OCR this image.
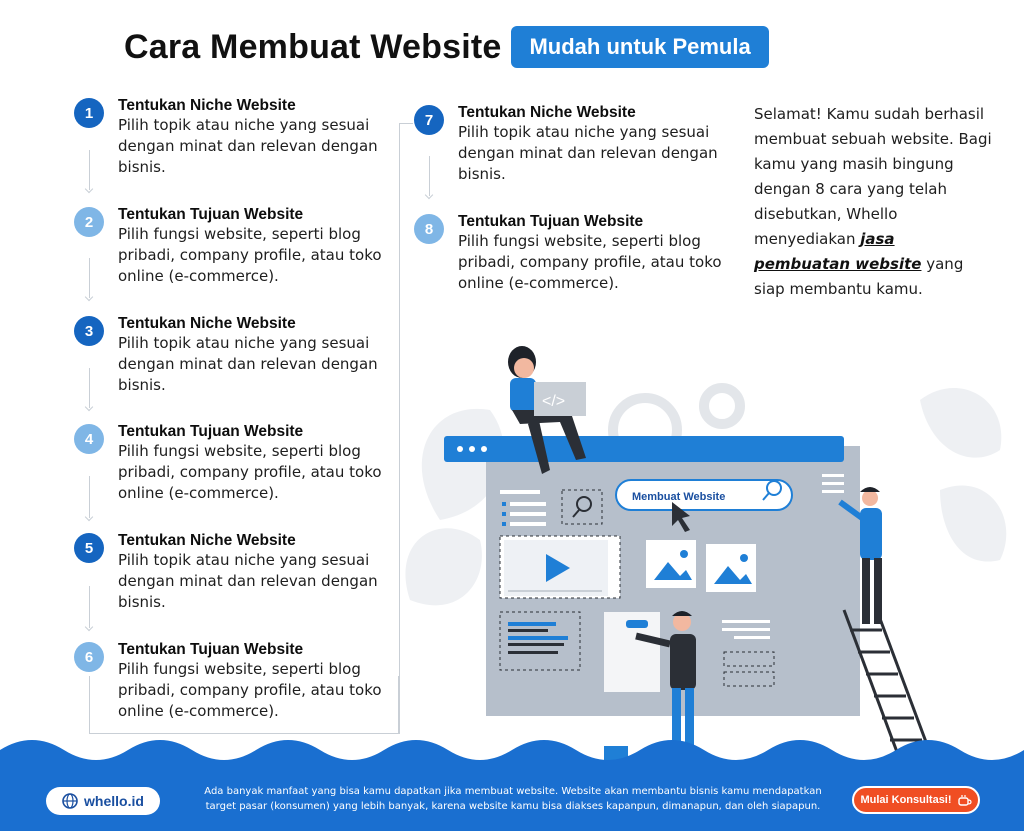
Cara Membuat Website	Mudah untuk Pemula
1	Tentukan Niche Website
Pilih topik atau niche yang sesuai dengan minat dan relevan dengan bisnis.
2	Tentukan Tujuan Website
Pilih fungsi website, seperti blog pribadi, company profile, atau toko online (e-commerce).
3	Tentukan Niche Website
Pilih topik atau niche yang sesuai dengan minat dan relevan dengan bisnis.
4	Tentukan Tujuan Website
Pilih fungsi website, seperti blog pribadi, company profile, atau toko online (e-commerce).
5	Tentukan Niche Website
Pilih topik atau niche yang sesuai dengan minat dan relevan dengan bisnis.
6	Tentukan Tujuan Website
Pilih fungsi website, seperti blog pribadi, company profile, atau toko online (e-commerce).
7	Tentukan Niche Website
Pilih topik atau niche yang sesuai dengan minat dan relevan dengan bisnis.
8	Tentukan Tujuan Website
Pilih fungsi website, seperti blog pribadi, company profile, atau toko online (e-commerce).
Selamat! Kamu sudah berhasil membuat sebuah website. Bagi kamu yang masih bingung dengan 8 cara yang telah disebutkan, Whello menyediakan jasa pembuatan website yang siap membantu kamu.
Membuat Website
</>
whello.id
Ada banyak manfaat yang bisa kamu dapatkan jika membuat website. Website akan membantu bisnis kamu mendapatkan target pasar (konsumen) yang lebih banyak, karena website kamu bisa diakses kapanpun, dimanapun, dan oleh siapapun.
Mulai Konsultasi!
